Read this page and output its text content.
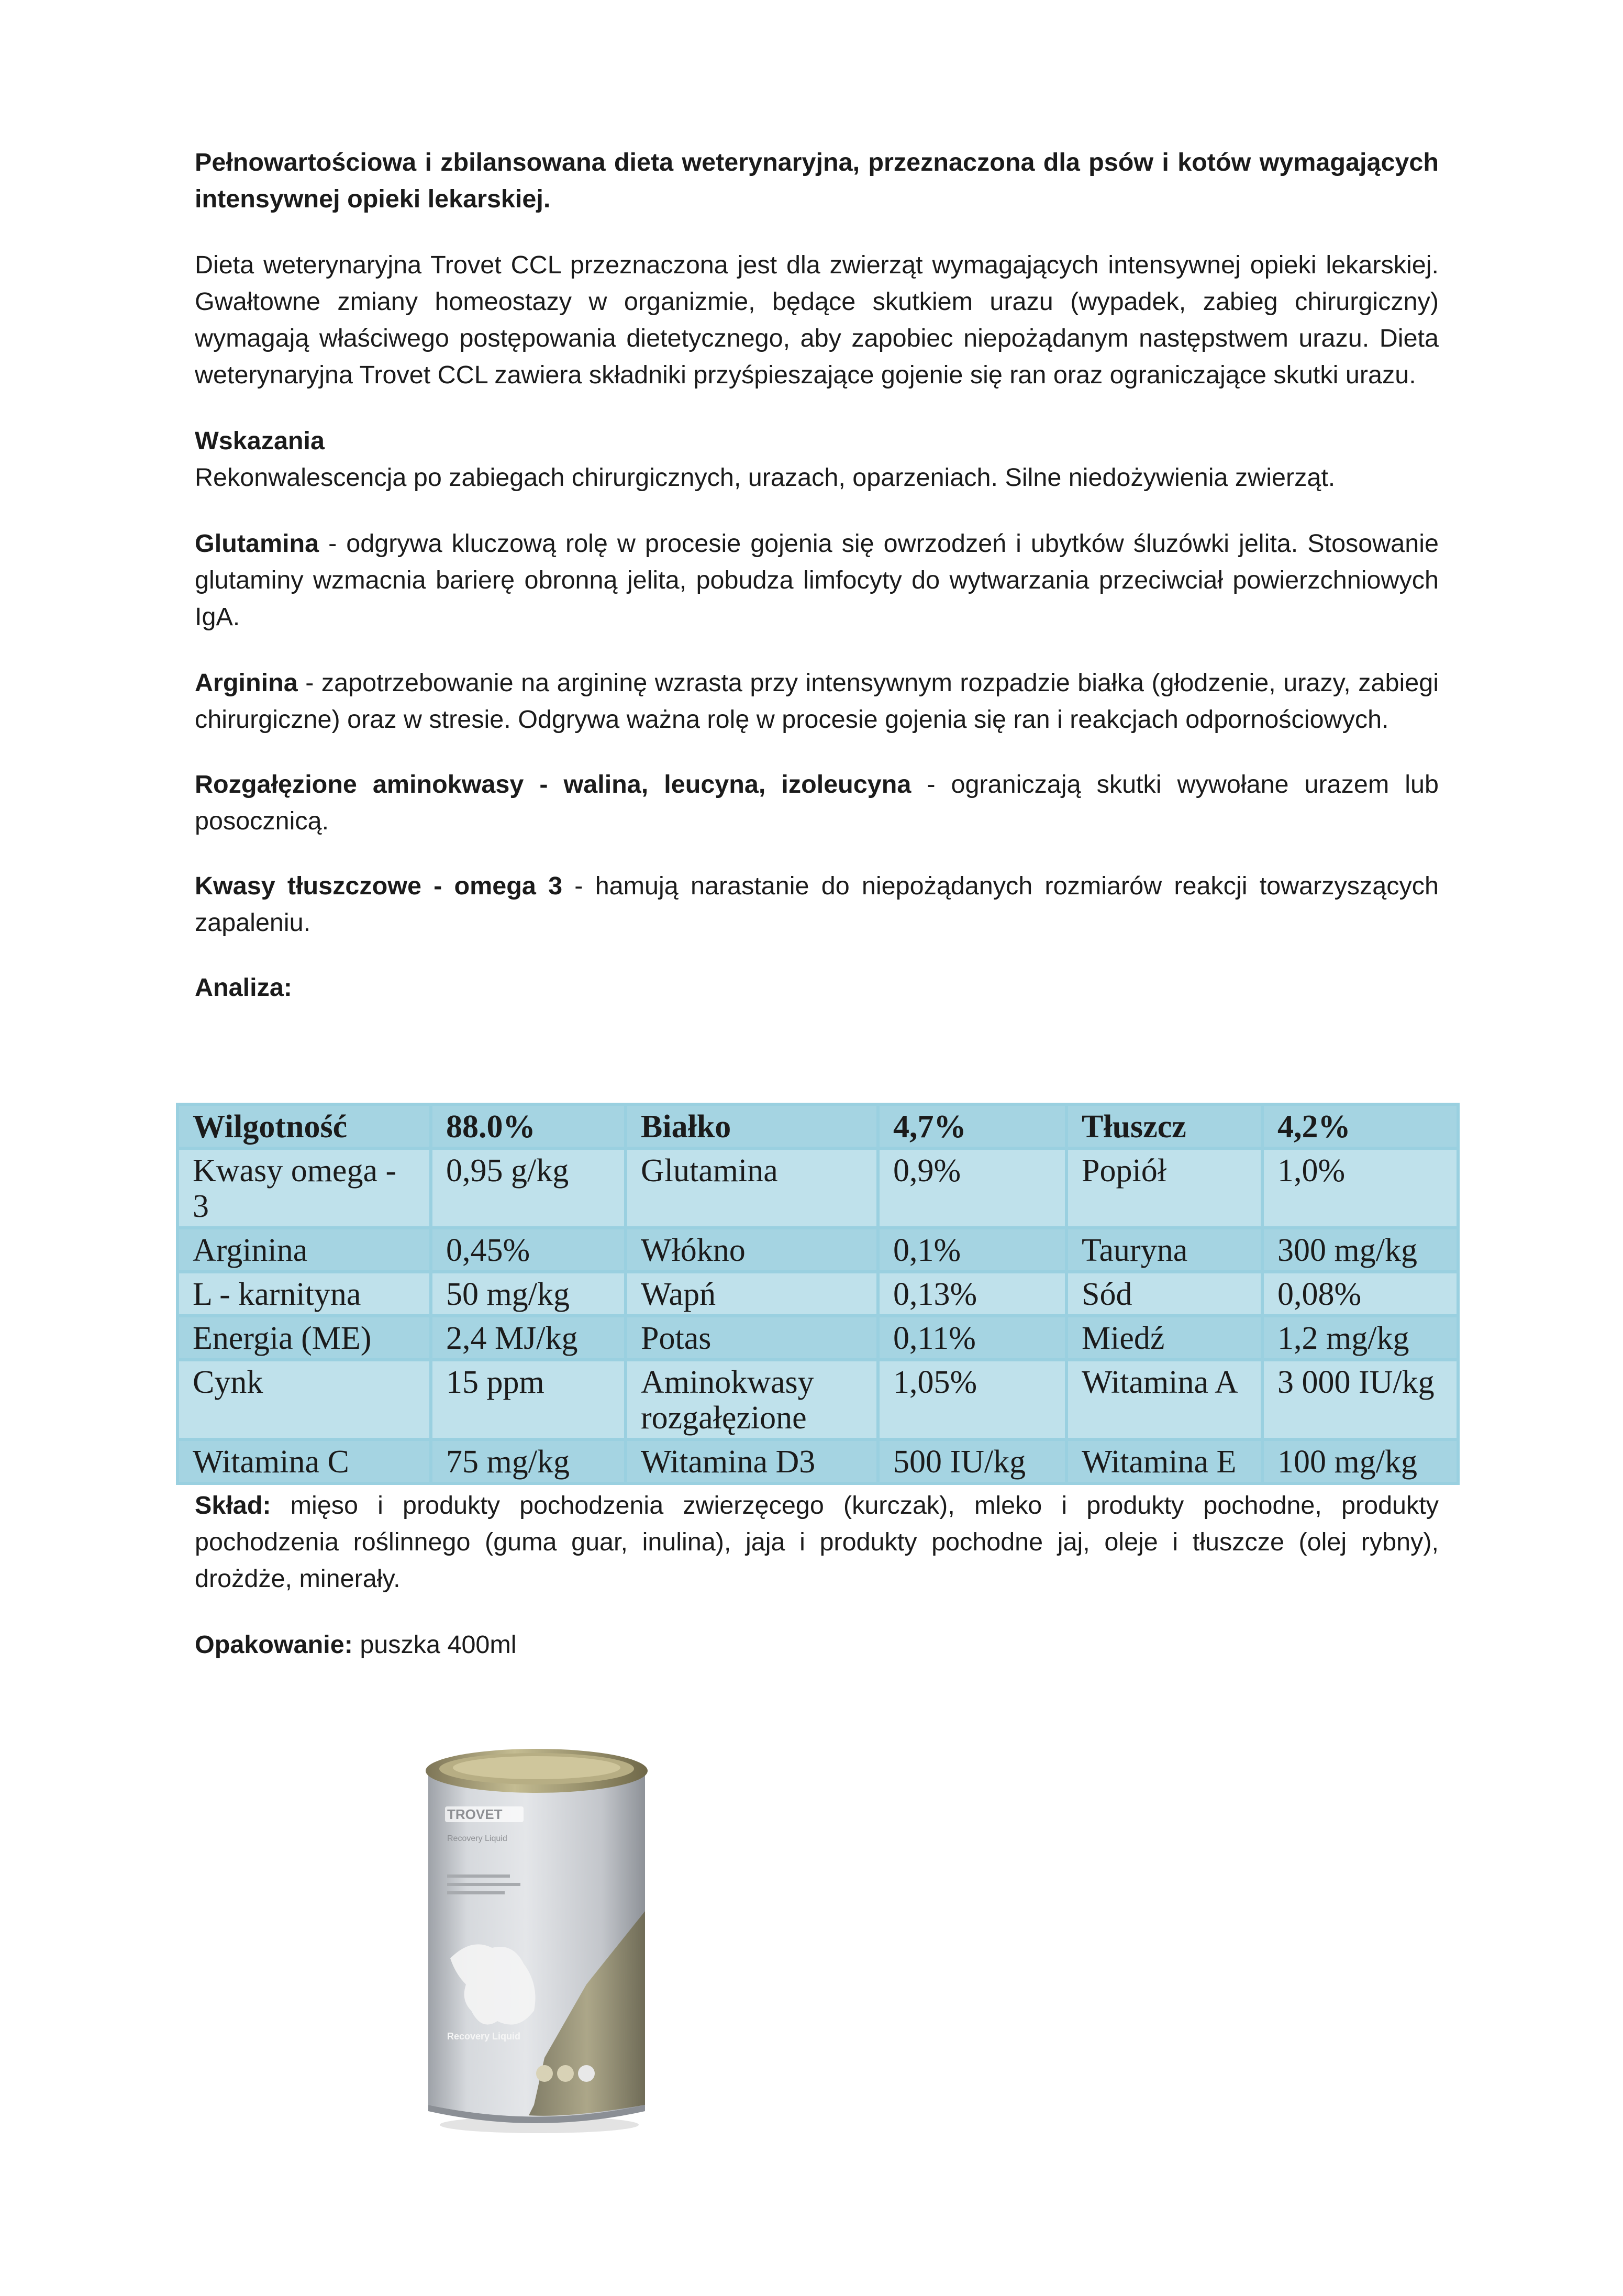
Pełnowartościowa i zbilansowana dieta weterynaryjna, przeznaczona dla psów i kotów wymagających intensywnej opieki lekarskiej.

Dieta weterynaryjna Trovet CCL przeznaczona jest dla zwierząt wymagających intensywnej opieki lekarskiej. Gwałtowne zmiany homeostazy w organizmie, będące skutkiem urazu (wypadek, zabieg chirurgiczny) wymagają właściwego postępowania dietetycznego, aby zapobiec niepożądanym następstwem urazu. Dieta weterynaryjna Trovet CCL zawiera składniki przyśpieszające gojenie się ran oraz ograniczające skutki urazu.

Wskazania
Rekonwalescencja po zabiegach chirurgicznych, urazach, oparzeniach. Silne niedożywienia zwierząt.

Glutamina - odgrywa kluczową rolę w procesie gojenia się owrzodzeń i ubytków śluzówki jelita. Stosowanie glutaminy wzmacnia barierę obronną jelita, pobudza limfocyty do wytwarzania przeciwciał powierzchniowych IgA.

Arginina - zapotrzebowanie na argininę wzrasta przy intensywnym rozpadzie białka (głodzenie, urazy, zabiegi chirurgiczne) oraz w stresie. Odgrywa ważna rolę w procesie gojenia się ran i reakcjach odpornościowych.

Rozgałęzione aminokwasy - walina, leucyna, izoleucyna - ograniczają skutki wywołane urazem lub posocznicą.

Kwasy tłuszczowe - omega 3 - hamują narastanie do niepożądanych rozmiarów reakcji towarzyszących zapaleniu.

Analiza:

Wilgotność	88.0%	Białko	4,7%	Tłuszcz	4,2%
Kwasy omega - 3	0,95 g/kg	Glutamina	0,9%	Popiół	1,0%
Arginina	0,45%	Włókno	0,1%	Tauryna	300 mg/kg
L - karnityna	50 mg/kg	Wapń	0,13%	Sód	0,08%
Energia (ME)	2,4 MJ/kg	Potas	0,11%	Miedź	1,2 mg/kg
Cynk	15 ppm	Aminokwasy rozgałęzione	1,05%	Witamina A	3 000 IU/kg
Witamina C	75 mg/kg	Witamina D3	500 IU/kg	Witamina E	100 mg/kg

Skład: mięso i produkty pochodzenia zwierzęcego (kurczak), mleko i produkty pochodne, produkty pochodzenia roślinnego (guma guar, inulina), jaja i produkty pochodne jaj, oleje i tłuszcze (olej rybny), drożdże, minerały.

Opakowanie: puszka 400ml

TROVET
Recovery Liquid
Recovery Liquid
